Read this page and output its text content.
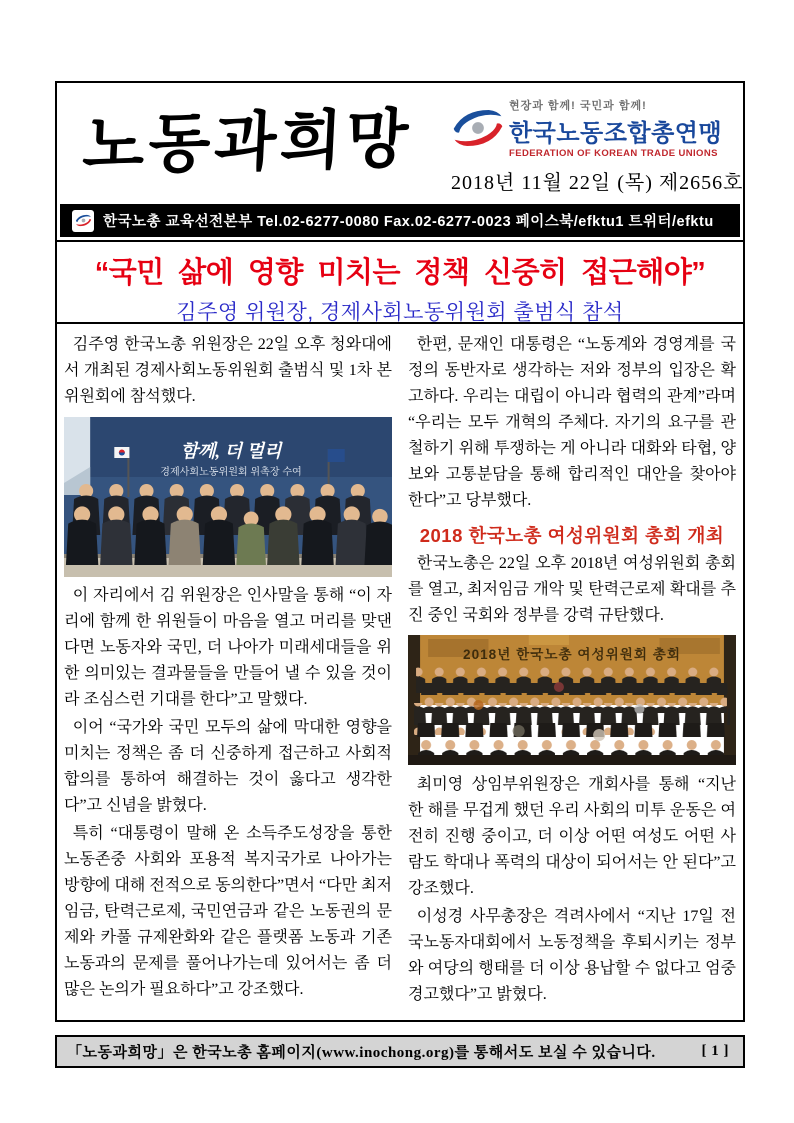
노동과희망	현장과 함께! 국민과 함께!
한국노동조합총연맹
FEDERATION OF KOREAN TRADE UNIONS
2018년 11월 22일 (목) 제2656호
한국노총 교육선전본부 Tel.02-6277-0080 Fax.02-6277-0023 페이스북/efktu1 트위터/efktu
“국민 삶에 영향 미치는 정책 신중히 접근해야”
김주영 위원장, 경제사회노동위원회 출범식 참석

김주영 한국노총 위원장은 22일 오후 청와대에서 개최된 경제사회노동위원회 출범식 및 1차 본 위원회에 참석했다.

함께, 더 멀리
경제사회노동위원회 위촉장 수여

이 자리에서 김 위원장은 인사말을 통해 “이 자리에 함께 한 위원들이 마음을 열고 머리를 맞댄다면 노동자와 국민, 더 나아가 미래세대들을 위한 의미있는 결과물들을 만들어 낼 수 있을 것이라 조심스런 기대를 한다”고 말했다.

이어 “국가와 국민 모두의 삶에 막대한 영향을 미치는 정책은 좀 더 신중하게 접근하고 사회적 합의를 통하여 해결하는 것이 옳다고 생각한다”고 신념을 밝혔다.

특히 “대통령이 말해 온 소득주도성장을 통한 노동존중 사회와 포용적 복지국가로 나아가는 방향에 대해 전적으로 동의한다”면서 “다만 최저임금, 탄력근로제, 국민연금과 같은 노동권의 문제와 카풀 규제완화와 같은 플랫폼 노동과 기존 노동과의 문제를 풀어나가는데 있어서는 좀 더 많은 논의가 필요하다”고 강조했다.

한편, 문재인 대통령은 “노동계와 경영계를 국정의 동반자로 생각하는 저와 정부의 입장은 확고하다. 우리는 대립이 아니라 협력의 관계”라며 “우리는 모두 개혁의 주체다. 자기의 요구를 관철하기 위해 투쟁하는 게 아니라 대화와 타협, 양보와 고통분담을 통해 합리적인 대안을 찾아야 한다”고 당부했다.

2018 한국노총 여성위원회 총회 개최

한국노총은 22일 오후 2018년 여성위원회 총회를 열고, 최저임금 개악 및 탄력근로제 확대를 추진 중인 국회와 정부를 강력 규탄했다.

2018년 한국노총 여성위원회 총회

최미영 상임부위원장은 개회사를 통해 “지난 한 해를 무겁게 했던 우리 사회의 미투 운동은 여전히 진행 중이고, 더 이상 어떤 여성도 어떤 사람도 학대나 폭력의 대상이 되어서는 안 된다”고 강조했다.

이성경 사무총장은 격려사에서 “지난 17일 전국노동자대회에서 노동정책을 후퇴시키는 정부와 여당의 행태를 더 이상 용납할 수 없다고 엄중 경고했다”고 밝혔다.

「노동과희망」은 한국노총 홈페이지(www.inochong.org)를 통해서도 보실 수 있습니다.	[ 1 ]
